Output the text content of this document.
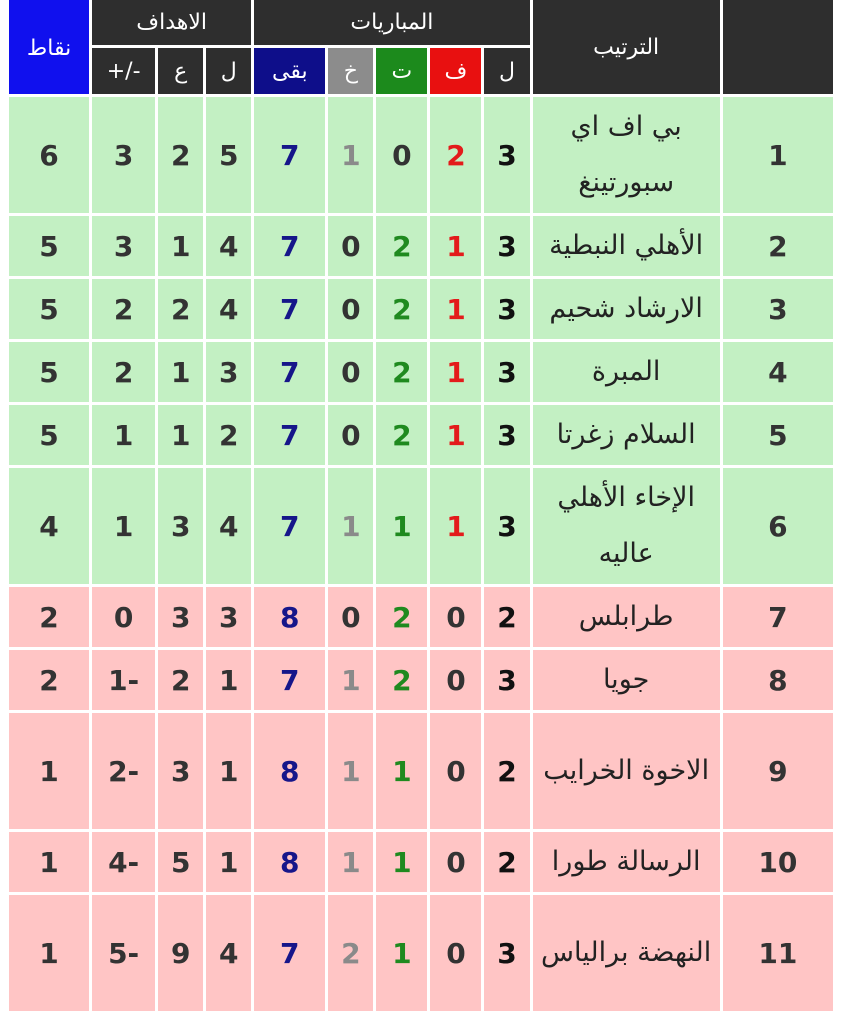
نقاط	الاهداف			المباريات					الترتيب	
	+/-	ع	ل	بقى	خ	ت	ف	ل		
6	3	2	5	7	1	0	2	3	بي اف اي سبورتينغ	1
5	3	1	4	7	0	2	1	3	الأهلي النبطية	2
5	2	2	4	7	0	2	1	3	الارشاد شحيم	3
5	2	1	3	7	0	2	1	3	المبرة	4
5	1	1	2	7	0	2	1	3	السلام زغرتا	5
4	1	3	4	7	1	1	1	3	الإخاء الأهلي عاليه	6
2	0	3	3	8	0	2	0	2	طرابلس	7
2	-1	2	1	7	1	2	0	3	جويا	8
1	-2	3	1	8	1	1	0	2	الاخوة الخرايب	9
1	-4	5	1	8	1	1	0	2	الرسالة طورا	10
1	-5	9	4	7	2	1	0	3	النهضة برالياس	11
